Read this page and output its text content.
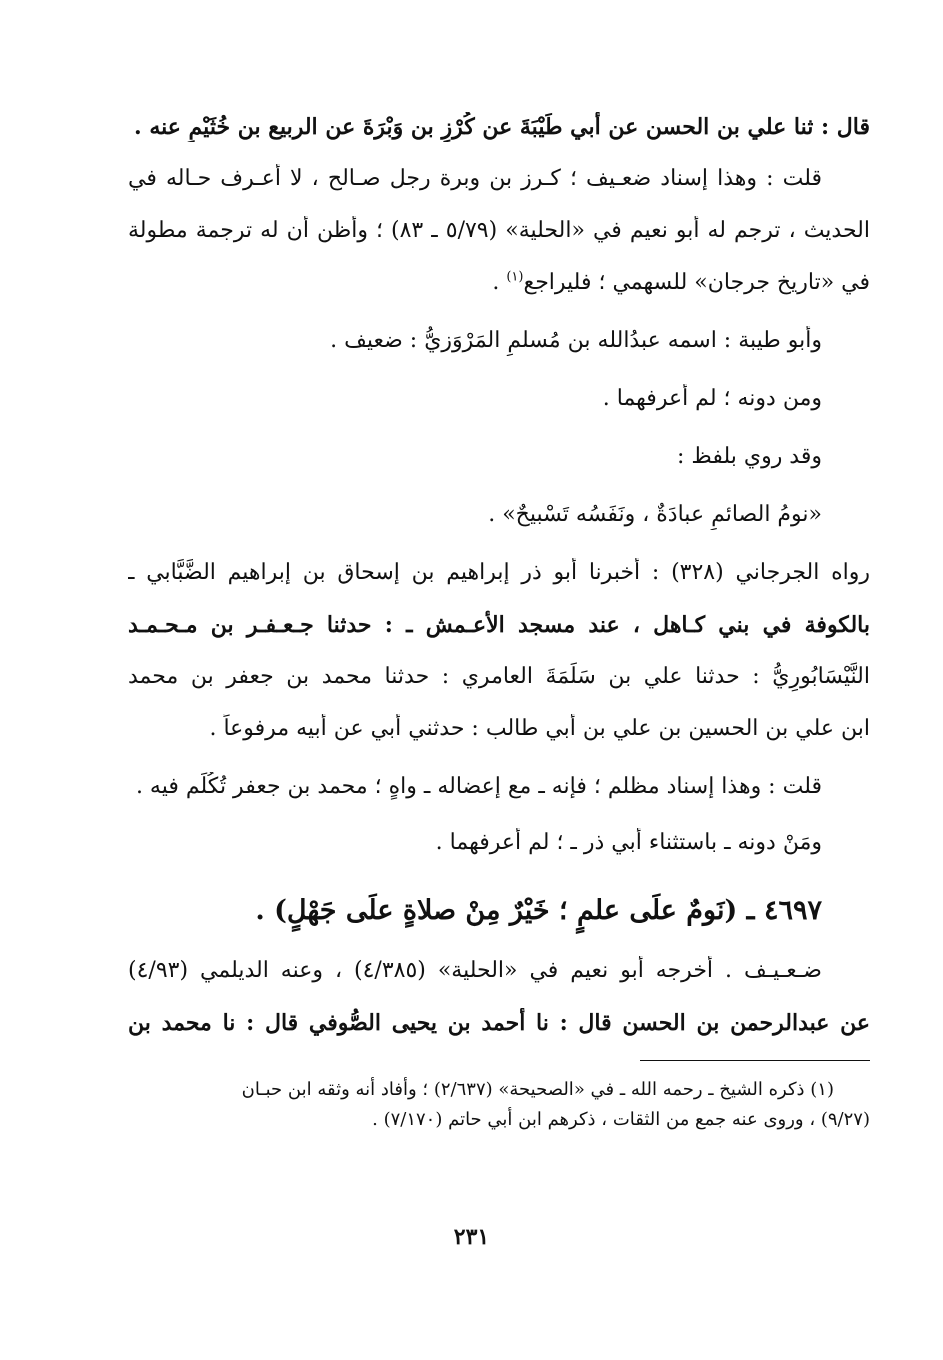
قال : ثنا علي بن الحسن عن أبي طَيْبَةَ عن كُرْزِ بن وَبْرَةَ عن الربيع بن خُثَيْمٍ عنه .
قلت : وهذا إسناد ضعـيف ؛ كـرز بن وبرة رجل صـالح ، لا أعـرف حـاله في
الحديث ، ترجم له أبو نعيم في «الحلية» (٥/٧٩ ـ ٨٣) ؛ وأظن أن له ترجمة مطولة
في «تاريخ جرجان» للسهمي ؛ فليراجع$^{(١)}$ .
وأبو طيبة : اسمه عبدُالله بن مُسلمٍ المَرْوَزيُّ : ضعيف .
ومن دونه ؛ لم أعرفهما .
وقد روي بلفظ :
«نومُ الصائمِ عبادَةٌ ، ونَفَسُه تَسْبيحٌ» .
رواه الجرجاني (٣٢٨) : أخبرنا أبو ذر إبراهيم بن إسحاق بن إبراهيم الضَّبَّابي ـ
بالكوفة في بني كـاهل ، عند مسجد الأعـمش ـ : حدثنا جـعـفـر بن مـحـمـد
النَّيْسَابُورِيُّ : حدثنا علي بن سَلَمَةَ العامري : حدثنا محمد بن جعفر بن محمد
ابن علي بن الحسين بن علي بن أبي طالب : حدثني أبي عن أبيه مرفوعاً .
قلت : وهذا إسناد مظلم ؛ فإنه ـ مع إعضاله ـ واهٍ ؛ محمد بن جعفر تُكُلِّم فيه .
ومَنْ دونه ـ باستثناء أبي ذر ـ ؛ لم أعرفهما .
٤٦٩٧ ـ (نَومٌ علَى علمٍ ؛ خَيْرٌ مِنْ صلاةٍ علَى جَهْلٍ) .
ضـعـيـف . أخرجه أبو نعيم في «الحلية» (٤/٣٨٥) ، وعنه الديلمي (٤/٩٣)
عن عبدالرحمن بن الحسن قال : نا أحمد بن يحيى الصُّوفي قال : نا محمد بن
(١) ذكره الشيخ ـ رحمه الله ـ في «الصحيحة» (٢/٦٣٧) ؛ وأفاد أنه وثقه ابن حبـان
(٩/٢٧) ، وروى عنه جمع من الثقات ، ذكرهم ابن أبي حاتم (٧/١٧٠) .
٢٣١
